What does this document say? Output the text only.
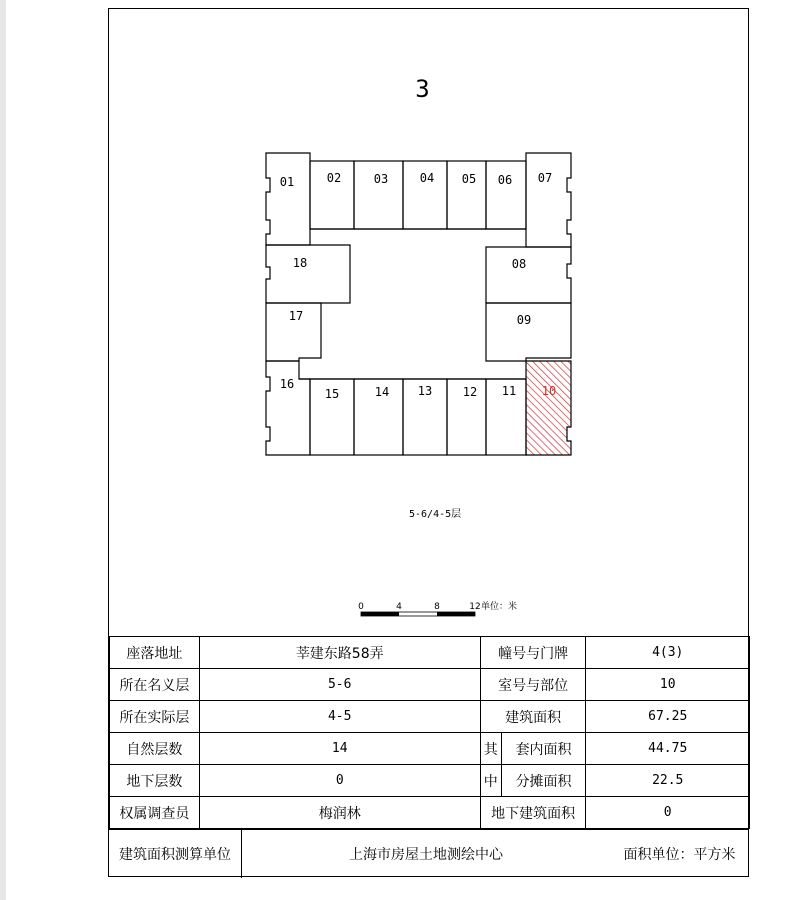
3
01	02	03	04 05 06 07
08
09
10
11
12
13
14
15
16
17
18
0	4	8	12 单位：米
5-6/4-5层
座落地址	莘建东路58弄	幢号与门牌		4(3)
所在名义层	5-6	室号与部位		10
所在实际层	4-5	建筑面积		67.25
自然层数	14	其	套内面积	44.75
地下层数	0	中	分摊面积	22.5
权属调查员	梅润林	地下建筑面积		0
建筑面积测算单位	上海市房屋土地测绘中心	面积单位：平方米
